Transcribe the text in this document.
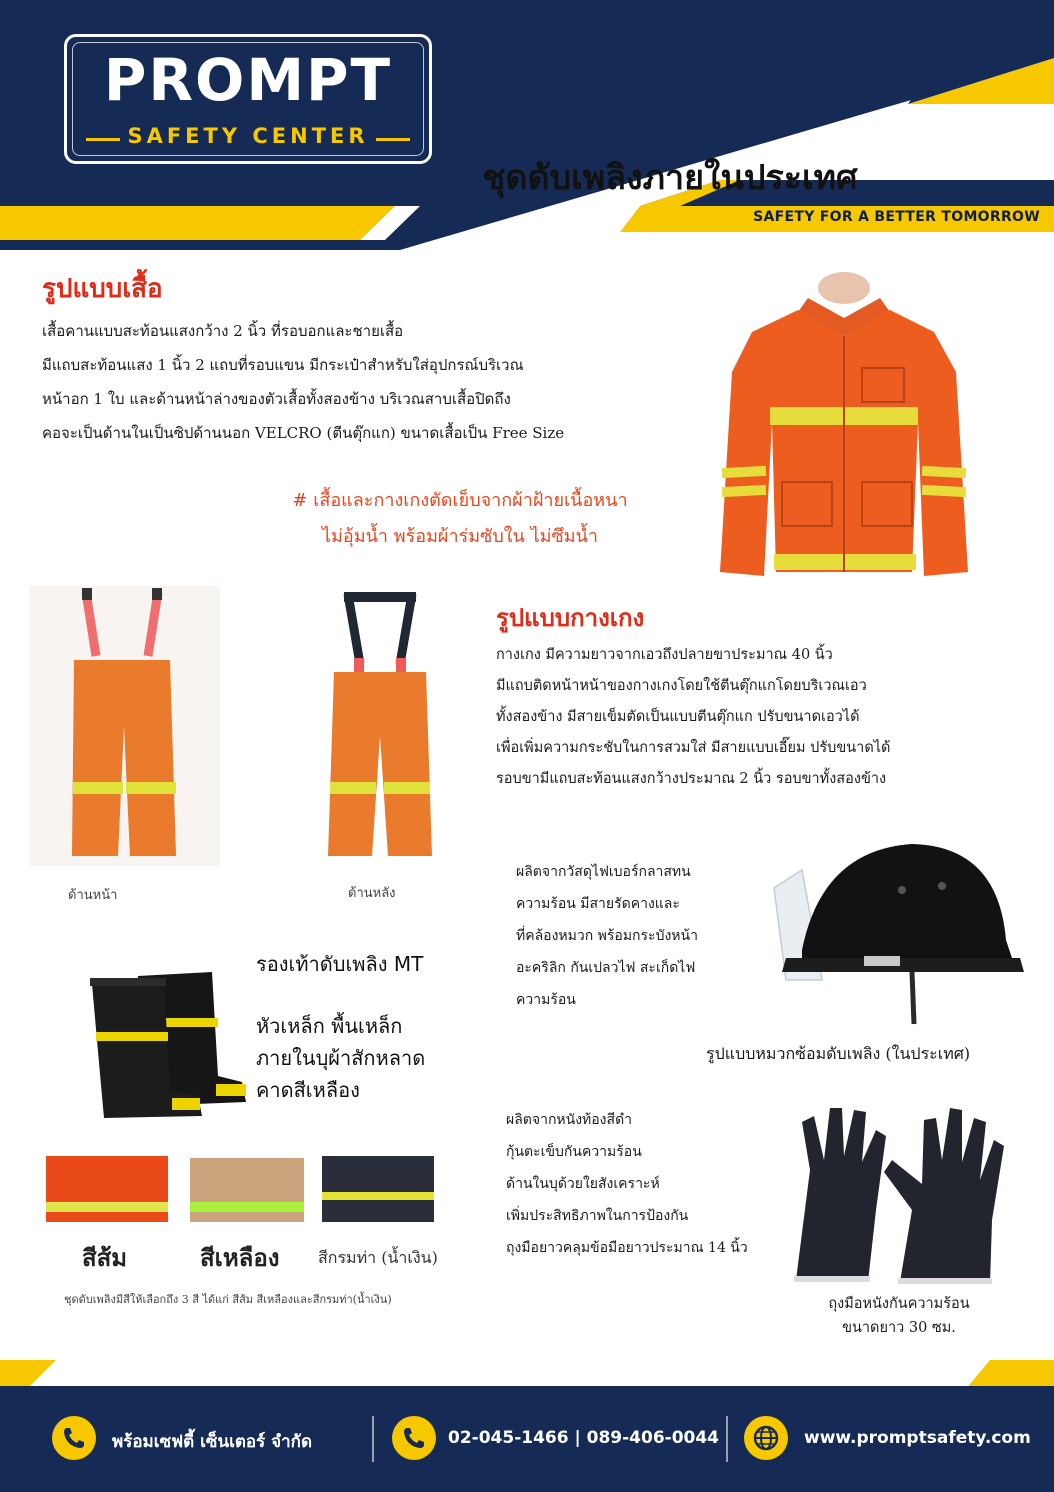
PROMPT
SAFETY CENTER
ชุดดับเพลิงภายในประเทศ
SAFETY FOR A BETTER TOMORROW
รูปแบบเสื้อ
เสื้อคานแบบสะท้อนแสงกว้าง 2 นิ้ว ที่รอบอกและชายเสื้อ
มีแถบสะท้อนแสง 1 นิ้ว 2 แถบที่รอบแขน มีกระเป๋าสำหรับใส่อุปกรณ์บริเวณ
หน้าอก 1 ใบ และด้านหน้าล่างของตัวเสื้อทั้งสองข้าง บริเวณสาบเสื้อปิดถึง
คอจะเป็นด้านในเป็นซิปด้านนอก VELCRO (ตีนตุ๊กแก) ขนาดเสื้อเป็น Free Size
# เสื้อและกางเกงตัดเย็บจากผ้าฝ้ายเนื้อหนา
ไม่อุ้มน้ำ พร้อมผ้าร่มซับใน ไม่ซึมน้ำ
ด้านหน้า	ด้านหลัง
รูปแบบกางเกง
กางเกง มีความยาวจากเอวถึงปลายขาประมาณ 40 นิ้ว
มีแถบติดหน้าหน้าของกางเกงโดยใช้ตีนตุ๊กแกโดยบริเวณเอว
ทั้งสองข้าง มีสายเข็มตัดเป็นแบบตีนตุ๊กแก ปรับขนาดเอวได้
เพื่อเพิ่มความกระชับในการสวมใส่ มีสายแบบเอี๊ยม ปรับขนาดได้
รอบขามีแถบสะท้อนแสงกว้างประมาณ 2 นิ้ว รอบขาทั้งสองข้าง
ผลิตจากวัสดุไฟเบอร์กลาสทน
ความร้อน มีสายรัดคางและ
ที่คล้องหมวก พร้อมกระบังหน้า
อะคริลิก กันเปลวไฟ สะเก็ดไฟ
ความร้อน
รูปแบบหมวกซ้อมดับเพลิง (ในประเทศ)
รองเท้าดับเพลิง MT
หัวเหล็ก พื้นเหล็ก
ภายในบุผ้าสักหลาด
คาดสีเหลือง
สีส้ม	สีเหลือง สีกรมท่า (น้ำเงิน)
ชุดดับเพลิงมีสีให้เลือกถึง 3 สี ได้แก่ สีส้ม สีเหลืองและสีกรมท่า(น้ำเงิน)
ผลิตจากหนังท้องสีดำ
กุ้นตะเข็บกันความร้อน
ด้านในบุด้วยใยสังเคราะห์
เพิ่มประสิทธิภาพในการป้องกัน
ถุงมือยาวคลุมข้อมือยาวประมาณ 14 นิ้ว
ถุงมือหนังกันความร้อน
ขนาดยาว 30 ซม.
พร้อมเซฟตี้ เซ็นเตอร์ จำกัด	02-045-1466 | 089-406-0044	www.promptsafety.com
